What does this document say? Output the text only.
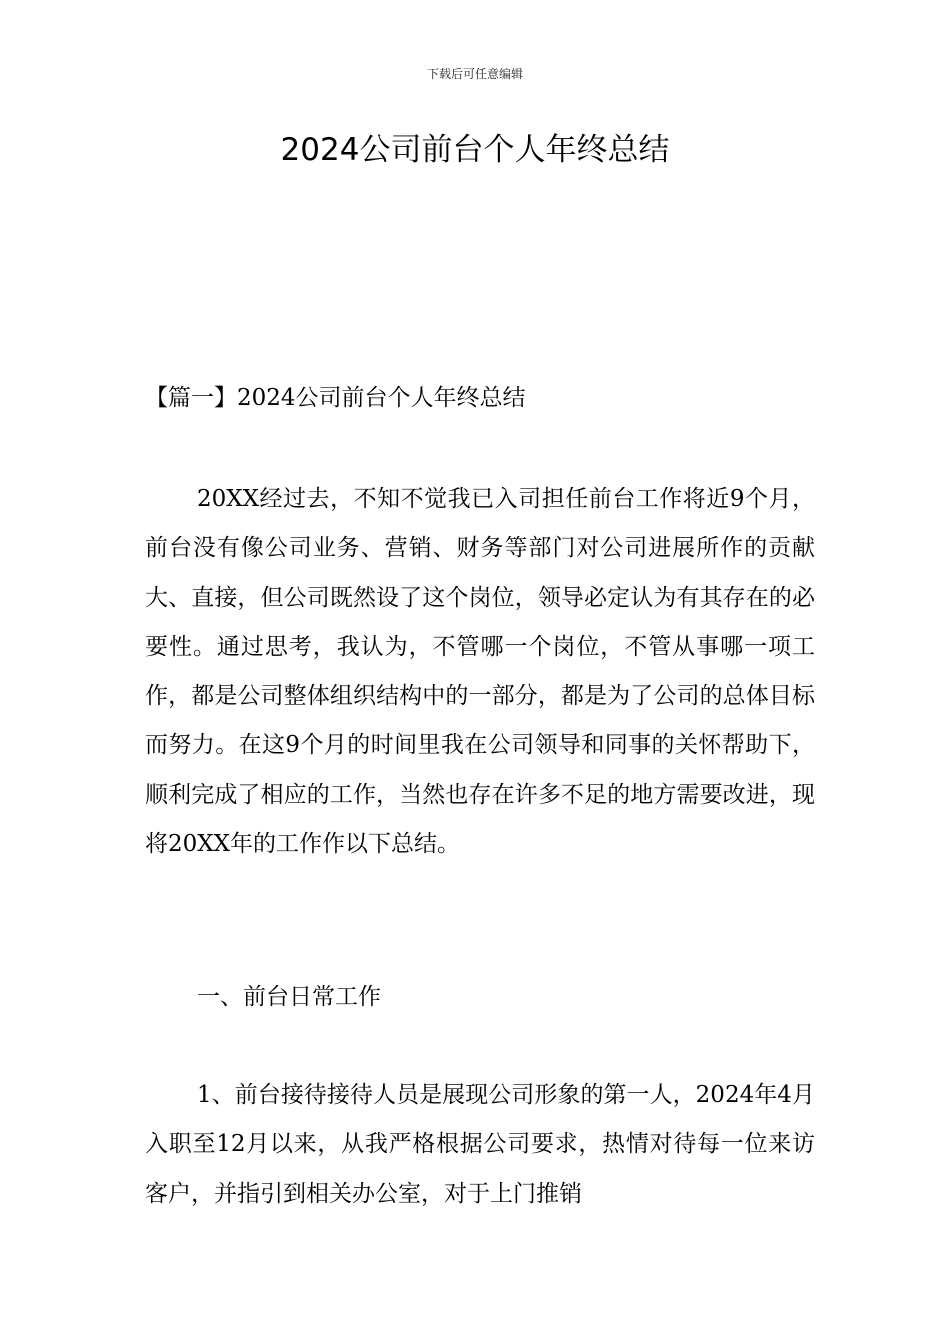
下载后可任意编辑
2024公司前台个人年终总结
【篇一】2024公司前台个人年终总结

20XX经过去，不知不觉我已入司担任前台工作将近9个月，前台没有像公司业务、营销、财务等部门对公司进展所作的贡献大、直接，但公司既然设了这个岗位，领导必定认为有其存在的必要性。通过思考，我认为，不管哪一个岗位，不管从事哪一项工作，都是公司整体组织结构中的一部分，都是为了公司的总体目标而努力。在这9个月的时间里我在公司领导和同事的关怀帮助下，顺利完成了相应的工作，当然也存在许多不足的地方需要改进，现将20XX年的工作作以下总结。

一、前台日常工作

1、前台接待接待人员是展现公司形象的第一人，2024年4月入职至12月以来，从我严格根据公司要求，热情对待每一位来访客户，并指引到相关办公室，对于上门推销
